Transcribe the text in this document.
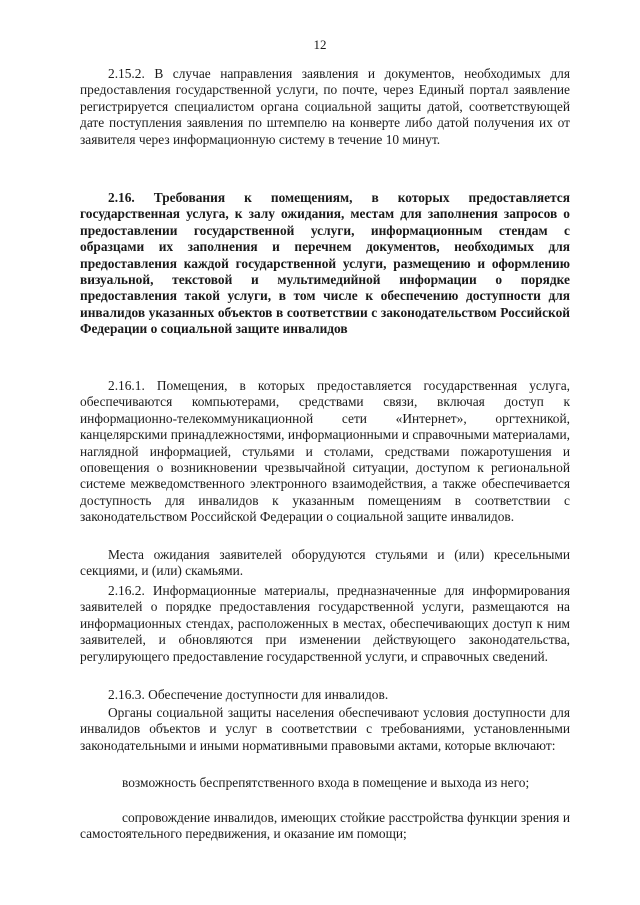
12

2.15.2. В случае направления заявления и документов, необходимых для предоставления государственной услуги, по почте, через Единый портал заявление регистрируется специалистом органа социальной защиты датой, соответствующей дате поступления заявления по штемпелю на конверте либо датой получения их от заявителя через информационную систему в течение 10 минут.

2.16. Требования к помещениям, в которых предоставляется государственная услуга, к залу ожидания, местам для заполнения запросов о предоставлении государственной услуги, информационным стендам с образцами их заполнения и перечнем документов, необходимых для предоставления каждой государственной услуги, размещению и оформлению визуальной, текстовой и мультимедийной информации о порядке предоставления такой услуги, в том числе к обеспечению доступности для инвалидов указанных объектов в соответствии с законодательством Российской Федерации о социальной защите инвалидов

2.16.1. Помещения, в которых предоставляется государственная услуга, обеспечиваются компьютерами, средствами связи, включая доступ к информационно-телекоммуникационной сети «Интернет», оргтехникой, канцелярскими принадлежностями, информационными и справочными материалами, наглядной информацией, стульями и столами, средствами пожаротушения и оповещения о возникновении чрезвычайной ситуации, доступом к региональной системе межведомственного электронного взаимодействия, а также обеспечивается доступность для инвалидов к указанным помещениям в соответствии с законодательством Российской Федерации о социальной защите инвалидов.

Места ожидания заявителей оборудуются стульями и (или) кресельными секциями, и (или) скамьями.

2.16.2. Информационные материалы, предназначенные для информирования заявителей о порядке предоставления государственной услуги, размещаются на информационных стендах, расположенных в местах, обеспечивающих доступ к ним заявителей, и обновляются при изменении действующего законодательства, регулирующего предоставление государственной услуги, и справочных сведений.

2.16.3. Обеспечение доступности для инвалидов.

Органы социальной защиты населения обеспечивают условия доступности для инвалидов объектов и услуг в соответствии с требованиями, установленными законодательными и иными нормативными правовыми актами, которые включают:

возможность беспрепятственного входа в помещение и выхода из него;

сопровождение инвалидов, имеющих стойкие расстройства функции зрения и самостоятельного передвижения, и оказание им помощи;
